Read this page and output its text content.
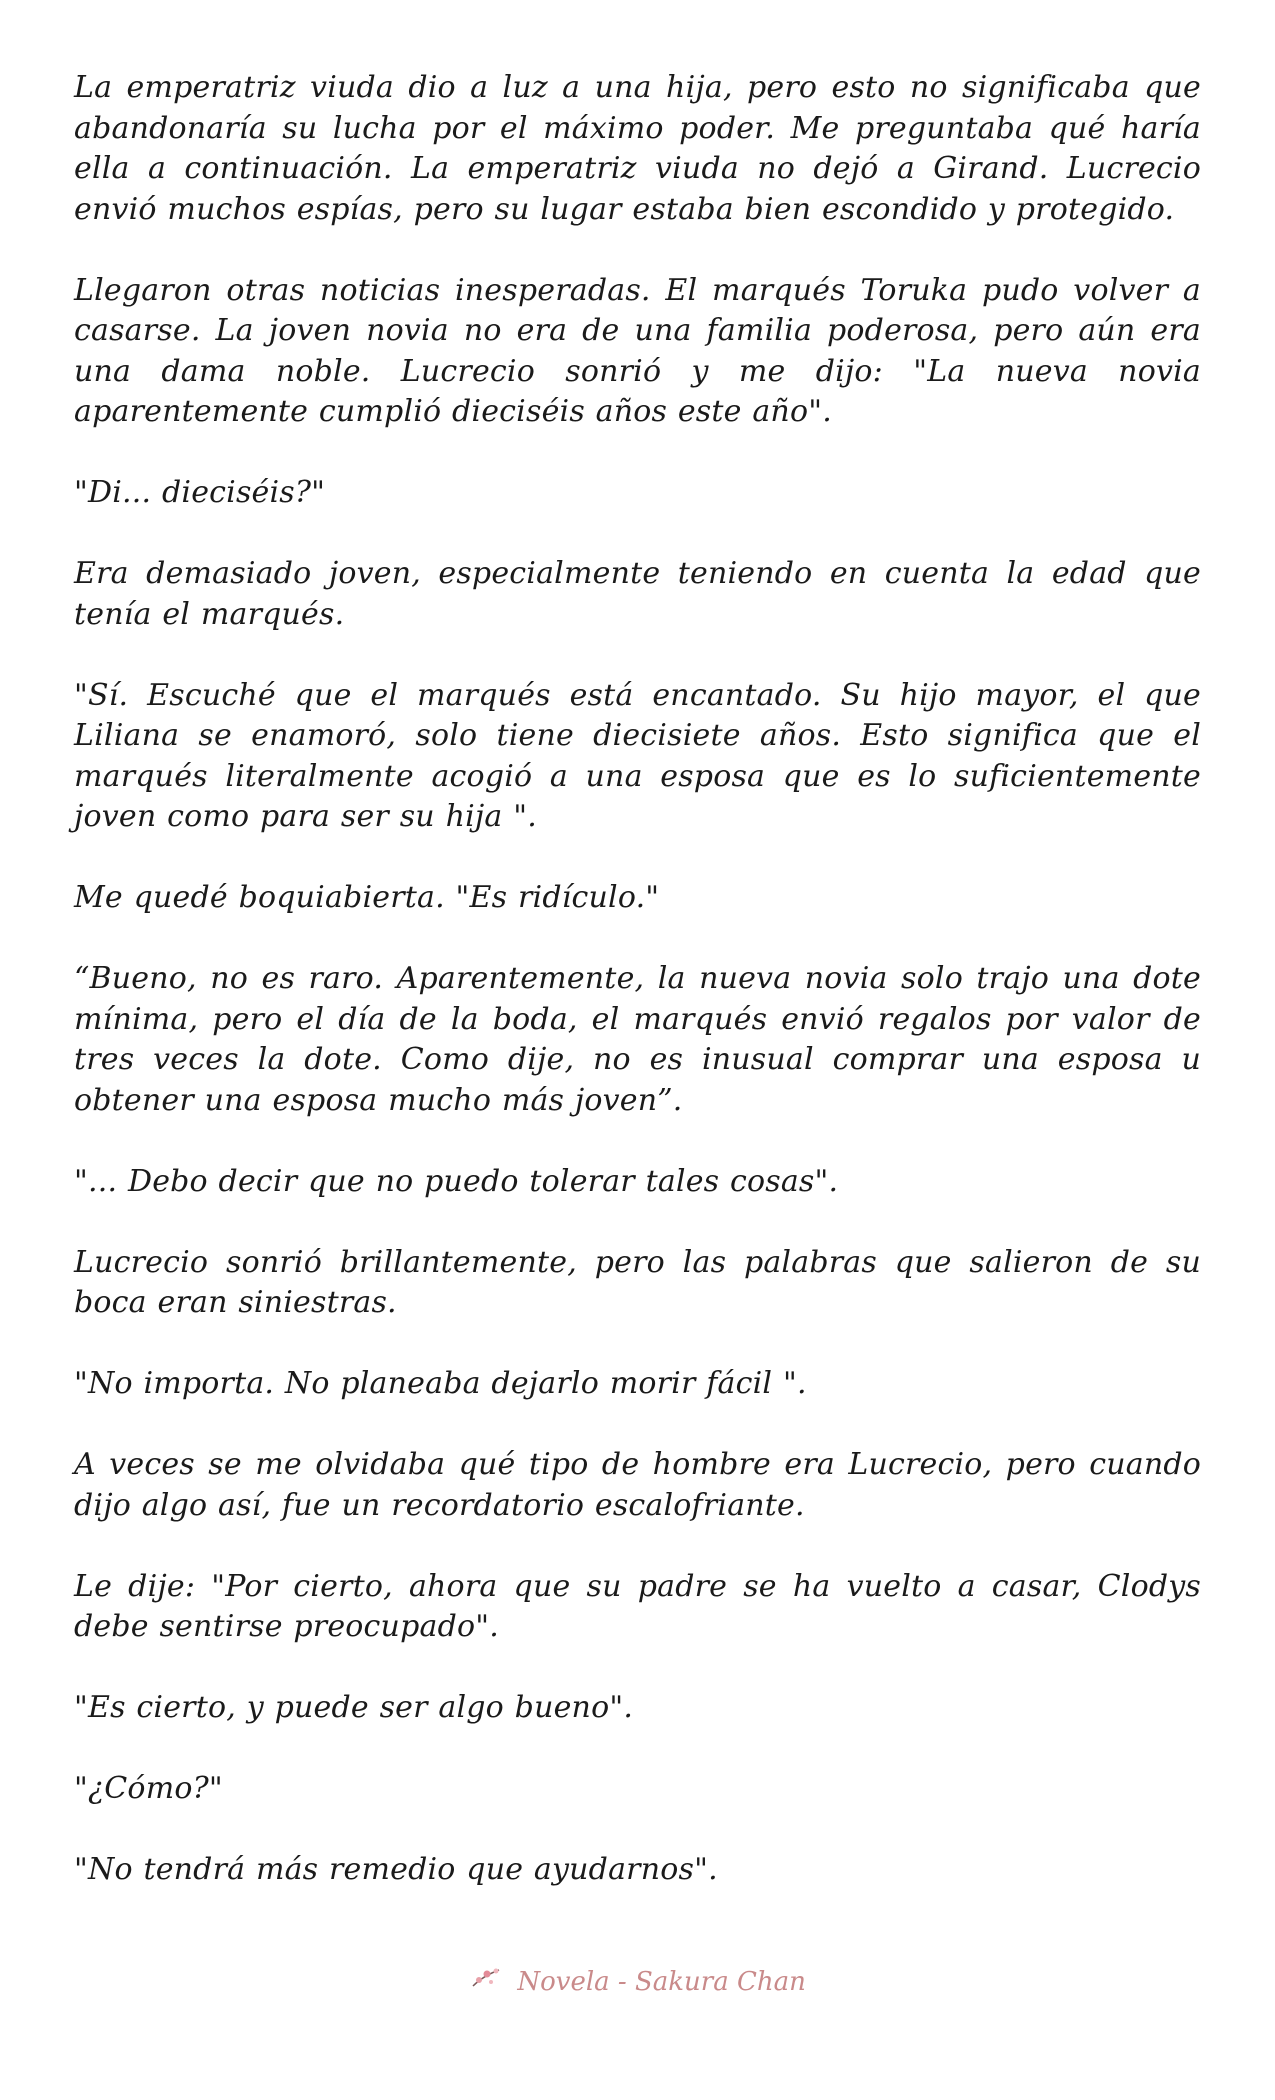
La emperatriz viuda dio a luz a una hija, pero esto no significaba que abandonaría su lucha por el máximo poder. Me preguntaba qué haría ella a continuación. La emperatriz viuda no dejó a Girand. Lucrecio envió muchos espías, pero su lugar estaba bien escondido y protegido.

Llegaron otras noticias inesperadas. El marqués Toruka pudo volver a casarse. La joven novia no era de una familia poderosa, pero aún era una dama noble. Lucrecio sonrió y me dijo: "La nueva novia aparentemente cumplió dieciséis años este año".

"Di... dieciséis?"

Era demasiado joven, especialmente teniendo en cuenta la edad que tenía el marqués.

"Sí. Escuché que el marqués está encantado. Su hijo mayor, el que Liliana se enamoró, solo tiene diecisiete años. Esto significa que el marqués literalmente acogió a una esposa que es lo suficientemente joven como para ser su hija ".

Me quedé boquiabierta. "Es ridículo."

“Bueno, no es raro. Aparentemente, la nueva novia solo trajo una dote mínima, pero el día de la boda, el marqués envió regalos por valor de tres veces la dote. Como dije, no es inusual comprar una esposa u obtener una esposa mucho más joven”.

"... Debo decir que no puedo tolerar tales cosas".

Lucrecio sonrió brillantemente, pero las palabras que salieron de su boca eran siniestras.

"No importa. No planeaba dejarlo morir fácil ".

A veces se me olvidaba qué tipo de hombre era Lucrecio, pero cuando dijo algo así, fue un recordatorio escalofriante.

Le dije: "Por cierto, ahora que su padre se ha vuelto a casar, Clodys debe sentirse preocupado".

"Es cierto, y puede ser algo bueno".

"¿Cómo?"

"No tendrá más remedio que ayudarnos".

Novela - Sakura Chan
